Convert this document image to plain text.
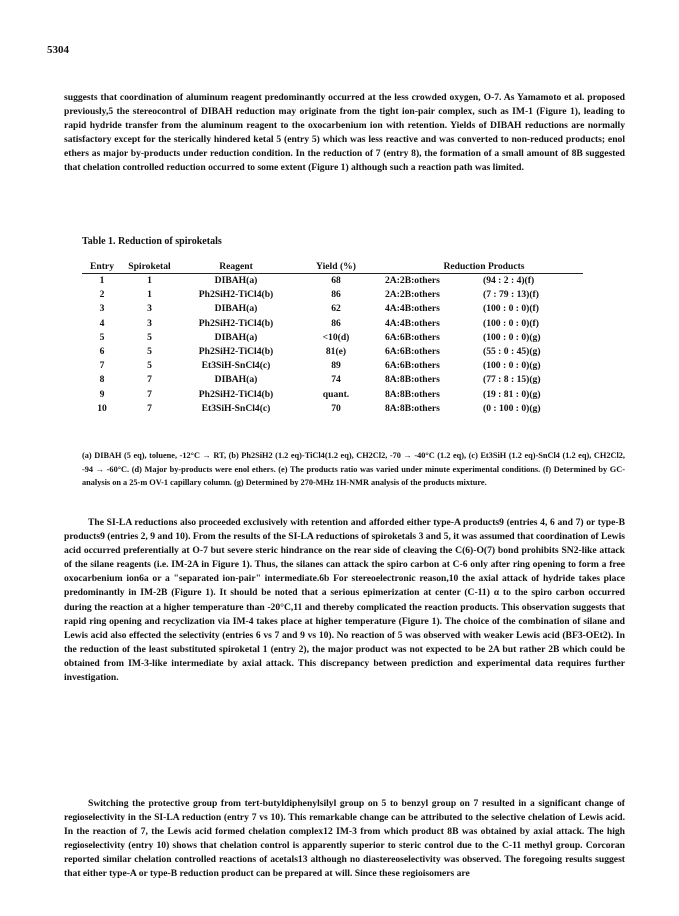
5304

suggests that coordination of aluminum reagent predominantly occurred at the less crowded oxygen, O-7. As Yamamoto et al. proposed previously,5 the stereocontrol of DIBAH reduction may originate from the tight ion-pair complex, such as IM-1 (Figure 1), leading to rapid hydride transfer from the aluminum reagent to the oxocarbenium ion with retention. Yields of DIBAH reductions are normally satisfactory except for the sterically hindered ketal 5 (entry 5) which was less reactive and was converted to non-reduced products; enol ethers as major by-products under reduction condition. In the reduction of 7 (entry 8), the formation of a small amount of 8B suggested that chelation controlled reduction occurred to some extent (Figure 1) although such a reaction path was limited.

Table 1. Reduction of spiroketals
Entry	Spiroketal	Reagent	Yield (%)	Reduction Products	
1	1	DIBAH(a)	68	2A:2B:others	(94 : 2 : 4)(f)
2	1	Ph2SiH2-TiCl4(b)	86	2A:2B:others	(7 : 79 : 13)(f)
3	3	DIBAH(a)	62	4A:4B:others	(100 : 0 : 0)(f)
4	3	Ph2SiH2-TiCl4(b)	86	4A:4B:others	(100 : 0 : 0)(f)
5	5	DIBAH(a)	<10(d)	6A:6B:others	(100 : 0 : 0)(g)
6	5	Ph2SiH2-TiCl4(b)	81(e)	6A:6B:others	(55 : 0 : 45)(g)
7	5	Et3SiH-SnCl4(c)	89	6A:6B:others	(100 : 0 : 0)(g)
8	7	DIBAH(a)	74	8A:8B:others	(77 : 8 : 15)(g)
9	7	Ph2SiH2-TiCl4(b)	quant.	8A:8B:others	(19 : 81 : 0)(g)
10	7	Et3SiH-SnCl4(c)	70	8A:8B:others	(0 : 100 : 0)(g)

(a) DIBAH (5 eq), toluene, -12°C → RT, (b) Ph2SiH2 (1.2 eq)-TiCl4(1.2 eq), CH2Cl2, -70 → -40°C (1.2 eq), (c) Et3SiH (1.2 eq)-SnCl4 (1.2 eq), CH2Cl2, -94 → -60°C. (d) Major by-products were enol ethers. (e) The products ratio was varied under minute experimental conditions. (f) Determined by GC-analysis on a 25-m OV-1 capillary column. (g) Determined by 270-MHz 1H-NMR analysis of the products mixture.

The SI-LA reductions also proceeded exclusively with retention and afforded either type-A products9 (entries 4, 6 and 7) or type-B products9 (entries 2, 9 and 10). From the results of the SI-LA reductions of spiroketals 3 and 5, it was assumed that coordination of Lewis acid occurred preferentially at O-7 but severe steric hindrance on the rear side of cleaving the C(6)-O(7) bond prohibits SN2-like attack of the silane reagents (i.e. IM-2A in Figure 1). Thus, the silanes can attack the spiro carbon at C-6 only after ring opening to form a free oxocarbenium ion6a or a "separated ion-pair" intermediate.6b For stereoelectronic reason,10 the axial attack of hydride takes place predominantly in IM-2B (Figure 1). It should be noted that a serious epimerization at center (C-11) α to the spiro carbon occurred during the reaction at a higher temperature than -20°C,11 and thereby complicated the reaction products. This observation suggests that rapid ring opening and recyclization via IM-4 takes place at higher temperature (Figure 1). The choice of the combination of silane and Lewis acid also effected the selectivity (entries 6 vs 7 and 9 vs 10). No reaction of 5 was observed with weaker Lewis acid (BF3-OEt2). In the reduction of the least substituted spiroketal 1 (entry 2), the major product was not expected to be 2A but rather 2B which could be obtained from IM-3-like intermediate by axial attack. This discrepancy between prediction and experimental data requires further investigation.

Switching the protective group from tert-butyldiphenylsilyl group on 5 to benzyl group on 7 resulted in a significant change of regioselectivity in the SI-LA reduction (entry 7 vs 10). This remarkable change can be attributed to the selective chelation of Lewis acid. In the reaction of 7, the Lewis acid formed chelation complex12 IM-3 from which product 8B was obtained by axial attack. The high regioselectivity (entry 10) shows that chelation control is apparently superior to steric control due to the C-11 methyl group. Corcoran reported similar chelation controlled reactions of acetals13 although no diastereoselectivity was observed. The foregoing results suggest that either type-A or type-B reduction product can be prepared at will. Since these regioisomers are
